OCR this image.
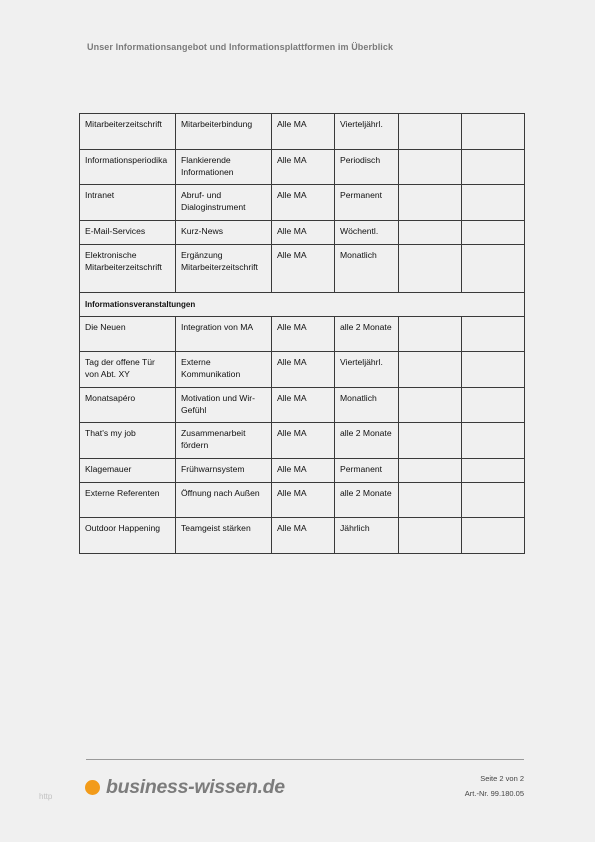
Unser Informationsangebot und Informationsplattformen im Überblick
Mitarbeiterzeitschrift	Mitarbeiterbindung	Alle MA	Vierteljährl.		
Informationsperiodika	Flankierende Informationen	Alle MA	Periodisch		
Intranet	Abruf- und Dialoginstrument	Alle MA	Permanent		
E-Mail-Services	Kurz-News	Alle MA	Wöchentl.		
Elektronische Mitarbeiterzeitschrift	Ergänzung Mitarbeiterzeitschrift	Alle MA	Monatlich		
Informationsveranstaltungen					
Die Neuen	Integration von MA	Alle MA	alle 2 Monate		
Tag der offene Tür von Abt. XY	Externe Kommunikation	Alle MA	Vierteljährl.		
Monatsapéro	Motivation und Wir-Gefühl	Alle MA	Monatlich		
That's my job	Zusammenarbeit fördern	Alle MA	alle 2 Monate		
Klagemauer	Frühwarnsystem	Alle MA	Permanent		
Externe Referenten	Öffnung nach Außen	Alle MA	alle 2 Monate		
Outdoor Happening	Teamgeist stärken	Alle MA	Jährlich		
business-wissen.de	Seite 2 von 2
Art.-Nr. 99.180.05
http
